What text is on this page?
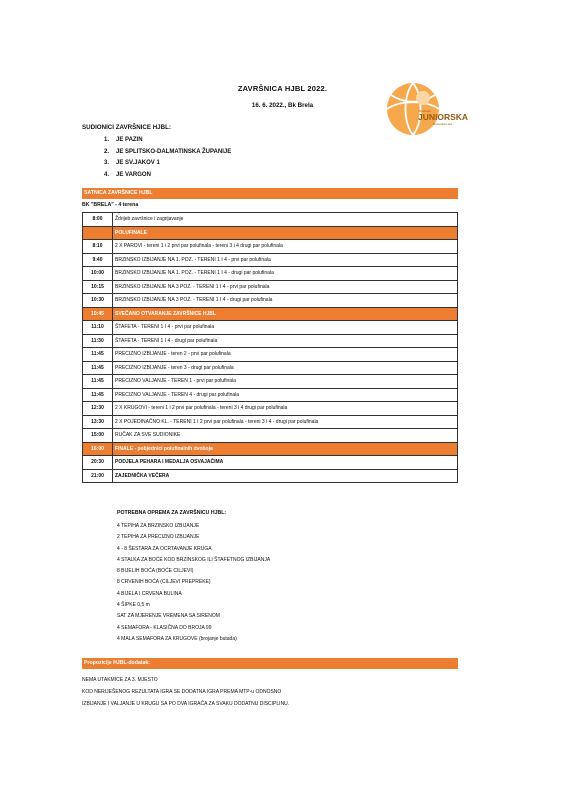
ZAVRŠNICA HJBL 2022.
16. 6. 2022., Bk Brela
Oberheim
JUNIORSKA
Boćarska Liga
SUDIONICI ZAVRŠNICE HJBL:
1. JE PAZIN
2. JE SPLITSKO-DALMATINSKA ŽUPANIJE
3. JE SV.JAKOV 1
4. JE VARGON
SATNICA ZAVRŠNICE HJBL
BK "BRELA" - 4 terena
8:00	Ždrijeb završnice i zagrijavanje
	POLUFINALE
8:10	2 X PAROVI - tereni 1 i 2 prvi par polufinala - tereni 3 i 4 drugi par polufinala
9:40	BRZINSKO IZBIJANJE NA 1. POZ. - TERENI 1 I 4 - prvi par polufinala
10:00	BRZINSKO IZBIJANJE NA 1. POZ. - TERENI 1 I 4 - drugi par polufinala
10:15	BRZINSKO IZBIJANJE NA 3 POZ. - TERENI 1 I 4 - prvi par polufinala
10:30	BRZINSKO IZBIJANJE NA 3 POZ. - TERENI 1 I 4 - drugi par polufinala
10:45	SVEČANO OTVARANJE ZAVRŠNICE HJBL
11:10	ŠTAFETA - TERENI 1 I 4 - prvi par polufinala
11:30	ŠTAFETA - TERENI 1 I 4 - drugi par polufinala
11:45	PRECIZNO IZBIJANJE - teren 2 - prvi par polufinala
11:45	PRECIZNO IZBIJANJE - teren 3 - drugi par polufinala
11:45	PRECIZNO VALJANJE - TEREN 1 - prvi par polufinala
11:45	PRECIZNO VALJANJE - TEREN 4 - drugi par polufinala
12:30	2 X KRUGOVI - tereni 1 i 2 prvi par polufinala - tereni 3 i 4 drugi par polufinala
13:30	2 X POJEDINAČNO KL. - TERENI 1 I 2 prvi par polufinala - tereni 3 i 4 - drugi par polufinala
15:00	RUČAK ZA SVE SUDIONIKE
16:00	FINALE - pobjednici polufinalnih dvoboja
20:30	PODJELA PEHARA I MEDALJA OSVAJAČIMA
21:00	ZAJEDNIČKA VEČERA
POTREBNA OPREMA ZA ZAVRŠNICU HJBL:
4 TEPIHA ZA BRZINSKO IZBIJANJE
2 TEPIHA ZA PRECIZNO IZBIJANJE
4 - 8 ŠESTARA ZA OCRTAVANJE KRUGA
4 STALKA ZA BOĆE KOD BRZINSKOG ILI ŠTAFETNOG IZBIJANJA
8 BIJELIH BOĆA (BOĆE CILJEVI)
8 CRVENIH BOĆA (CILJEVI PREPREKE)
4 BIJELA I CRVENA BULINA
4 ŠIPKE 0,5 m
SAT ZA MJERENJE VREMENA SA SIRENOM
4 SEMAFORA - KLASIČNA DO BROJA 99
4 MALA SEMAFORA ZA KRUGOVE (brojanje butada)
Propozicije HJBL-dodatak:
NEMA UTAKMICE ZA 3. MJESTO
KOD NERIJEŠENOG REZULTATA IGRA SE DODATNA IGRA PREMA MTP-u ODNOSNO
IZBIJANJE I VALJANJE U KRUGU SA PO DVA IGRAČA ZA SVAKU DODATNU DISCIPLINU.
